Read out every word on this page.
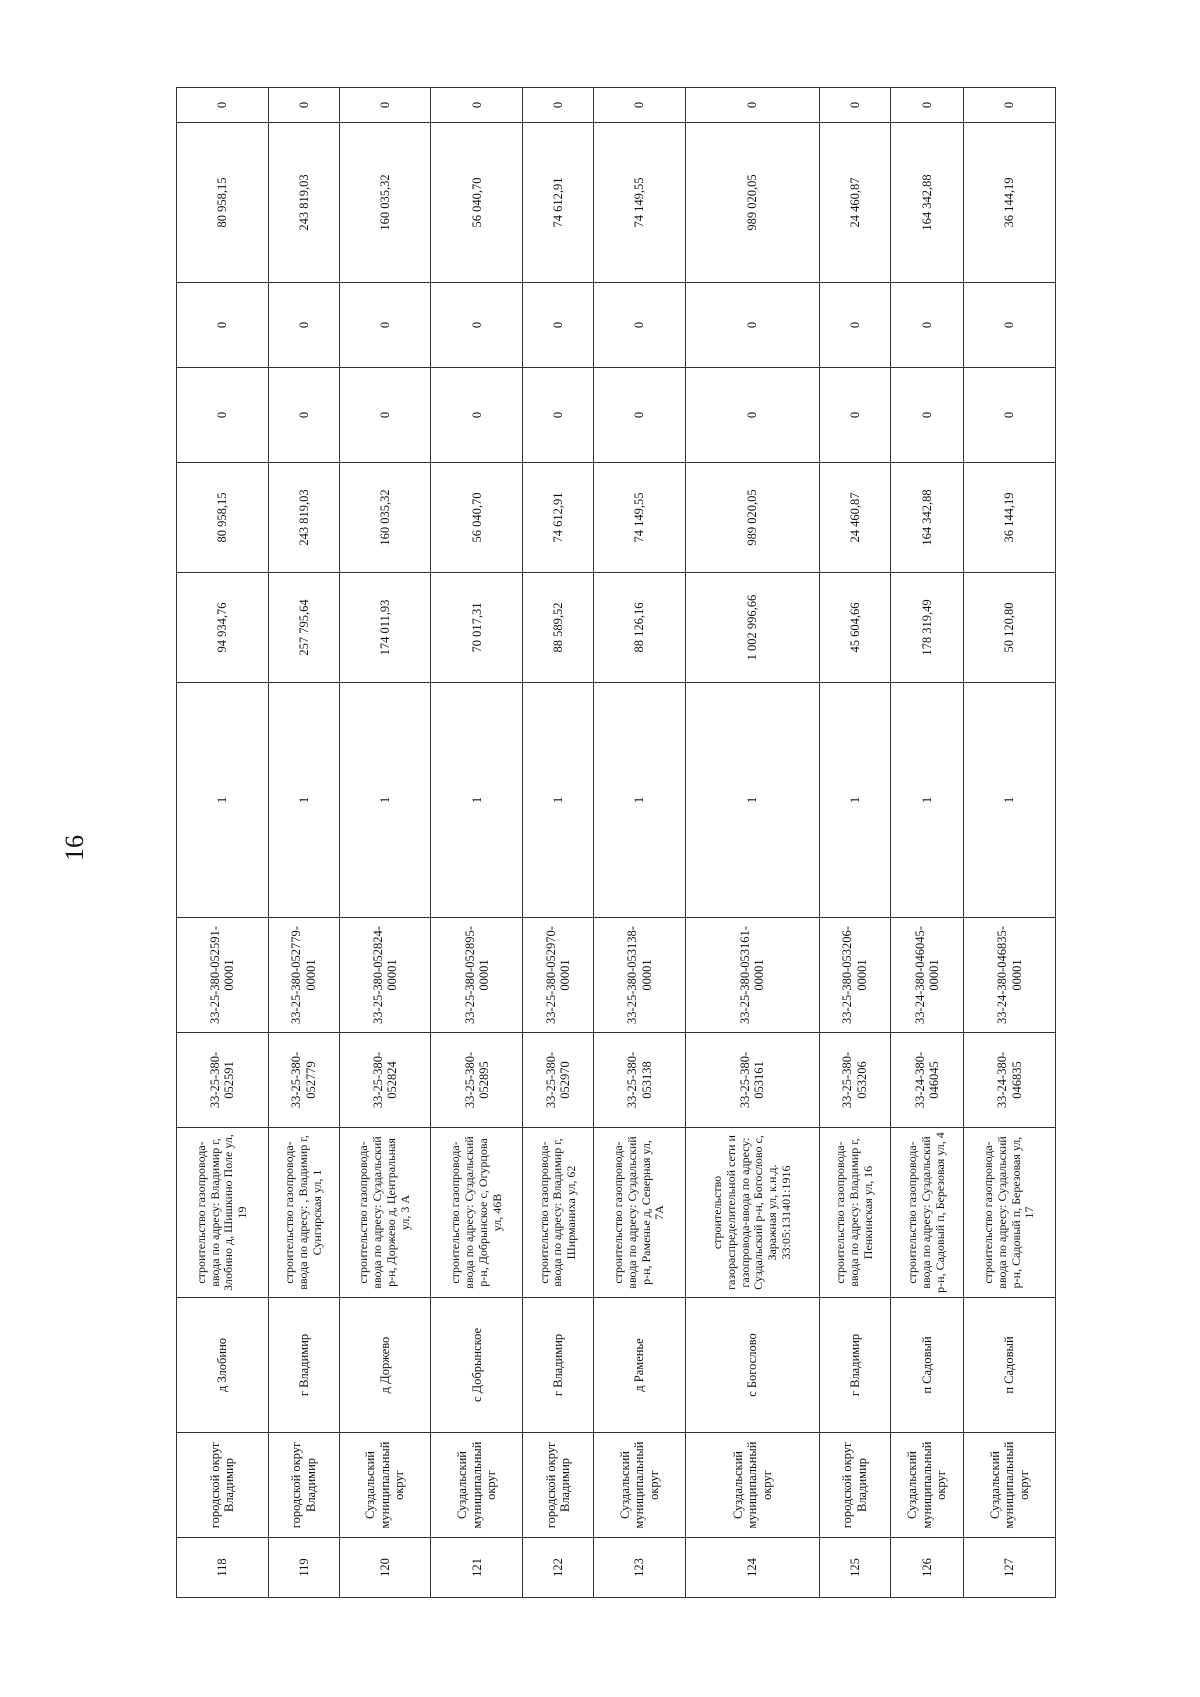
16
118	городской округ Владимир	д Злобино	строительство газопровода-ввода по адресу: Владимир г, Злобино д, Шишкино Поле ул, 19	33-25-380-052591	33-25-380-052591-00001	1	94 934,76	80 958,15	0	0	80 958,15	0
119	городской округ Владимир	г Владимир	строительство газопровода-ввода по адресу: , Владимир г, Сунгирская ул, 1	33-25-380-052779	33-25-380-052779-00001	1	257 795,64	243 819,03	0	0	243 819,03	0
120	Суздальский муниципальный округ	д Доржево	строительство газопровода-ввода по адресу: Суздальский р-н, Доржево д, Центральная ул, 3 А	33-25-380-052824	33-25-380-052824-00001	1	174 011,93	160 035,32	0	0	160 035,32	0
121	Суздальский муниципальный округ	с Добрынское	строительство газопровода-ввода по адресу: Суздальский р-н, Добрынское с, Огурцова ул, 46В	33-25-380-052895	33-25-380-052895-00001	1	70 017,31	56 040,70	0	0	56 040,70	0
122	городской округ Владимир	г Владимир	строительство газопровода-ввода по адресу: Владимир г, Ширманиха ул, 62	33-25-380-052970	33-25-380-052970-00001	1	88 589,52	74 612,91	0	0	74 612,91	0
123	Суздальский муниципальный округ	д Раменье	строительство газопровода-ввода по адресу: Суздальский р-н, Раменье д, Северная ул, 7А	33-25-380-053138	33-25-380-053138-00001	1	88 126,16	74 149,55	0	0	74 149,55	0
124	Суздальский муниципальный округ	с Богослово	строительство газораспределительной сети и газопровода-ввода по адресу: Суздальский р-н, Богослово с, Заражная ул, к.н.д. 33:05:131401:1916	33-25-380-053161	33-25-380-053161-00001	1	1 002 996,66	989 020,05	0	0	989 020,05	0
125	городской округ Владимир	г Владимир	строительство газопровода-ввода по адресу: Владимир г, Пенкинская ул, 16	33-25-380-053206	33-25-380-053206-00001	1	45 604,66	24 460,87	0	0	24 460,87	0
126	Суздальский муниципальный округ	п Садовый	строительство газопровода-ввода по адресу: Суздальский р-н, Садовый п, Березовая ул, 4	33-24-380-046045	33-24-380-046045-00001	1	178 319,49	164 342,88	0	0	164 342,88	0
127	Суздальский муниципальный округ	п Садовый	строительство газопровода-ввода по адресу: Суздальский р-н, Садовый п, Березовая ул, 17	33-24-380-046835	33-24-380-046835-00001	1	50 120,80	36 144,19	0	0	36 144,19	0
